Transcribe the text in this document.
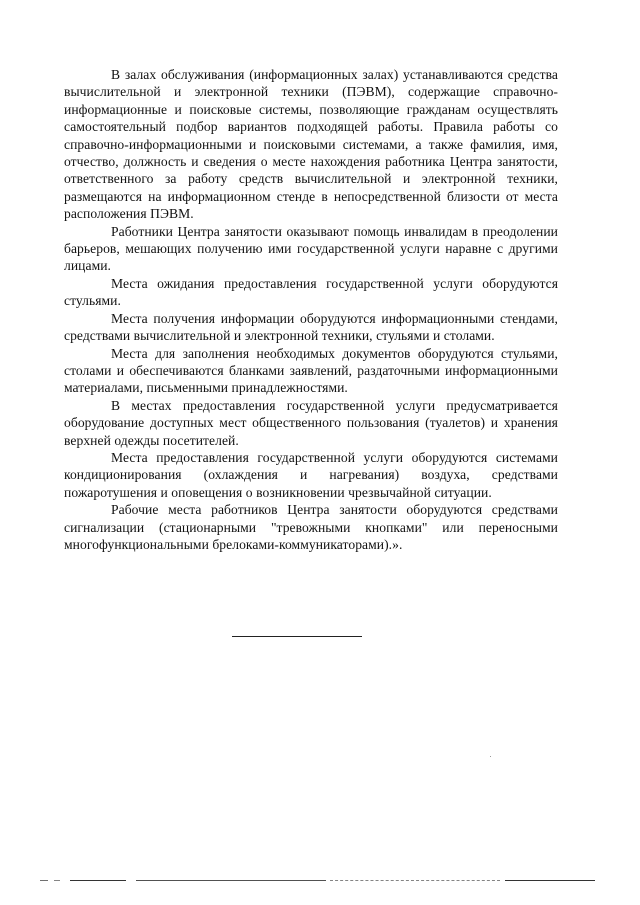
В залах обслуживания (информационных залах) устанавливаются средства вычислительной и электронной техники (ПЭВМ), содержащие справочно-информационные и поисковые системы, позволяющие гражданам осуществлять самостоятельный подбор вариантов подходящей работы. Правила работы со справочно-информационными и поисковыми системами, а также фамилия, имя, отчество, должность и сведения о месте нахождения работника Центра занятости, ответственного за работу средств вычислительной и электронной техники, размещаются на информационном стенде в непосредственной близости от места расположения ПЭВМ.

Работники Центра занятости оказывают помощь инвалидам в преодолении барьеров, мешающих получению ими государственной услуги наравне с другими лицами.

Места ожидания предоставления государственной услуги оборудуются стульями.

Места получения информации оборудуются информационными стендами, средствами вычислительной и электронной техники, стульями и столами.

Места для заполнения необходимых документов оборудуются стульями, столами и обеспечиваются бланками заявлений, раздаточными информационными материалами, письменными принадлежностями.

В местах предоставления государственной услуги предусматривается оборудование доступных мест общественного пользования (туалетов) и хранения верхней одежды посетителей.

Места предоставления государственной услуги оборудуются системами кондиционирования (охлаждения и нагревания) воздуха, средствами пожаротушения и оповещения о возникновении чрезвычайной ситуации.

Рабочие места работников Центра занятости оборудуются средствами сигнализации (стационарными "тревожными кнопками" или переносными многофункциональными брелоками-коммуникаторами).».
